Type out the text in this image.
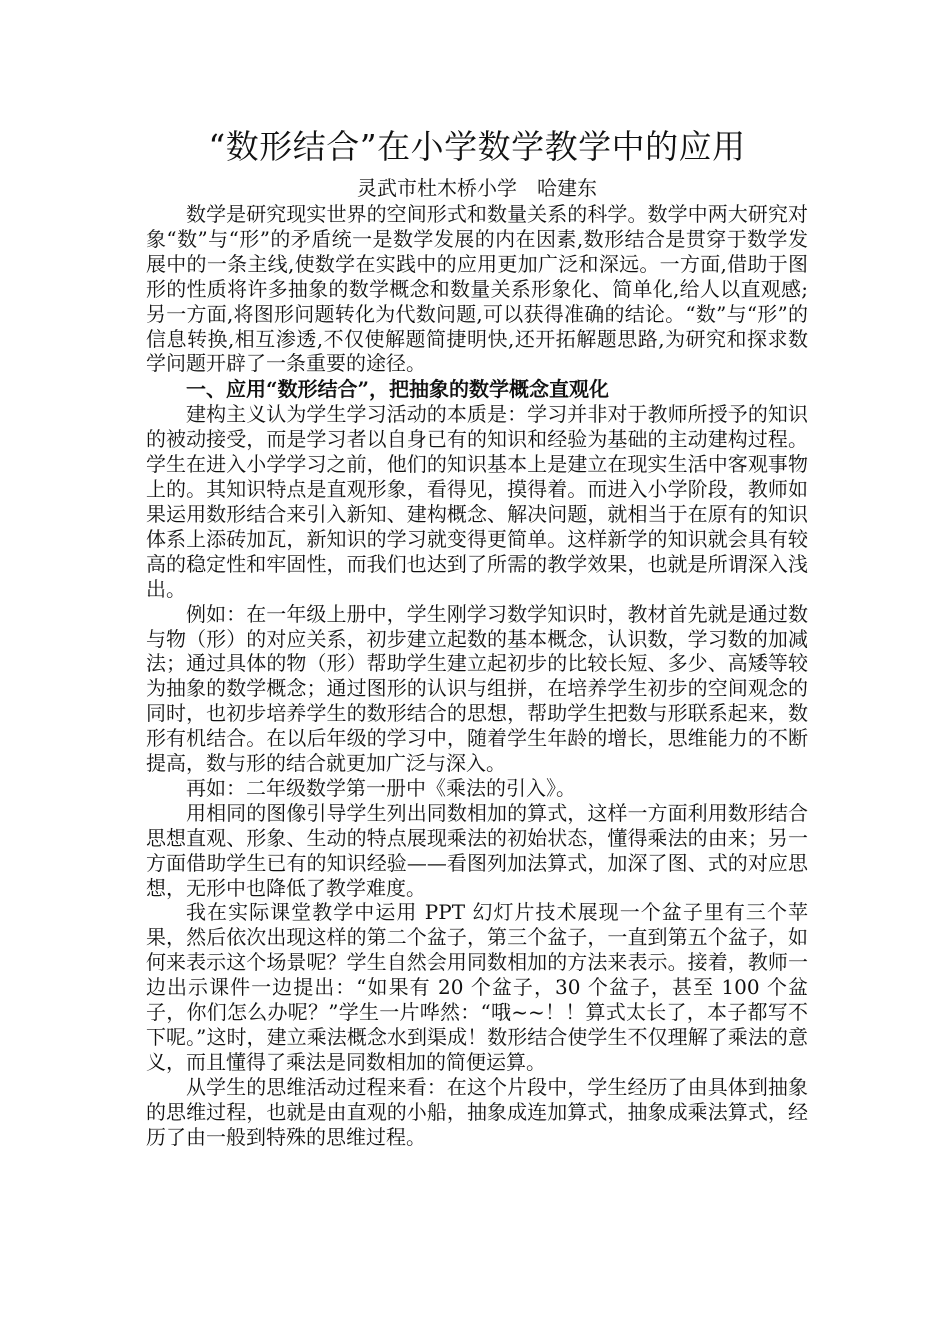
“数形结合”在小学数学教学中的应用

灵武市杜木桥小学　哈建东

数学是研究现实世界的空间形式和数量关系的科学。数学中两大研究对象“数”与“形”的矛盾统一是数学发展的内在因素,数形结合是贯穿于数学发展中的一条主线,使数学在实践中的应用更加广泛和深远。一方面,借助于图形的性质将许多抽象的数学概念和数量关系形象化、简单化,给人以直观感;另一方面,将图形问题转化为代数问题,可以获得准确的结论。“数”与“形”的信息转换,相互渗透,不仅使解题简捷明快,还开拓解题思路,为研究和探求数学问题开辟了一条重要的途径。

一、应用“数形结合”，把抽象的数学概念直观化

建构主义认为学生学习活动的本质是：学习并非对于教师所授予的知识的被动接受，而是学习者以自身已有的知识和经验为基础的主动建构过程。学生在进入小学学习之前，他们的知识基本上是建立在现实生活中客观事物上的。其知识特点是直观形象，看得见，摸得着。而进入小学阶段，教师如果运用数形结合来引入新知、建构概念、解决问题，就相当于在原有的知识体系上添砖加瓦，新知识的学习就变得更简单。这样新学的知识就会具有较高的稳定性和牢固性，而我们也达到了所需的教学效果，也就是所谓深入浅出。

例如：在一年级上册中，学生刚学习数学知识时，教材首先就是通过数与物（形）的对应关系，初步建立起数的基本概念，认识数，学习数的加减法；通过具体的物（形）帮助学生建立起初步的比较长短、多少、高矮等较为抽象的数学概念；通过图形的认识与组拼，在培养学生初步的空间观念的同时，也初步培养学生的数形结合的思想，帮助学生把数与形联系起来，数形有机结合。在以后年级的学习中，随着学生年龄的增长，思维能力的不断提高，数与形的结合就更加广泛与深入。

再如：二年级数学第一册中《乘法的引入》。

用相同的图像引导学生列出同数相加的算式，这样一方面利用数形结合思想直观、形象、生动的特点展现乘法的初始状态，懂得乘法的由来；另一方面借助学生已有的知识经验——看图列加法算式，加深了图、式的对应思想，无形中也降低了教学难度。

我在实际课堂教学中运用 PPT 幻灯片技术展现一个盆子里有三个苹果，然后依次出现这样的第二个盆子，第三个盆子，一直到第五个盆子，如何来表示这个场景呢？学生自然会用同数相加的方法来表示。接着，教师一边出示课件一边提出：“如果有 20 个盆子，30 个盆子，甚至 100 个盆子，你们怎么办呢？”学生一片哗然：“哦~~！！算式太长了，本子都写不下呢。”这时，建立乘法概念水到渠成！数形结合使学生不仅理解了乘法的意义，而且懂得了乘法是同数相加的简便运算。

从学生的思维活动过程来看：在这个片段中，学生经历了由具体到抽象的思维过程，也就是由直观的小船，抽象成连加算式，抽象成乘法算式，经历了由一般到特殊的思维过程。
